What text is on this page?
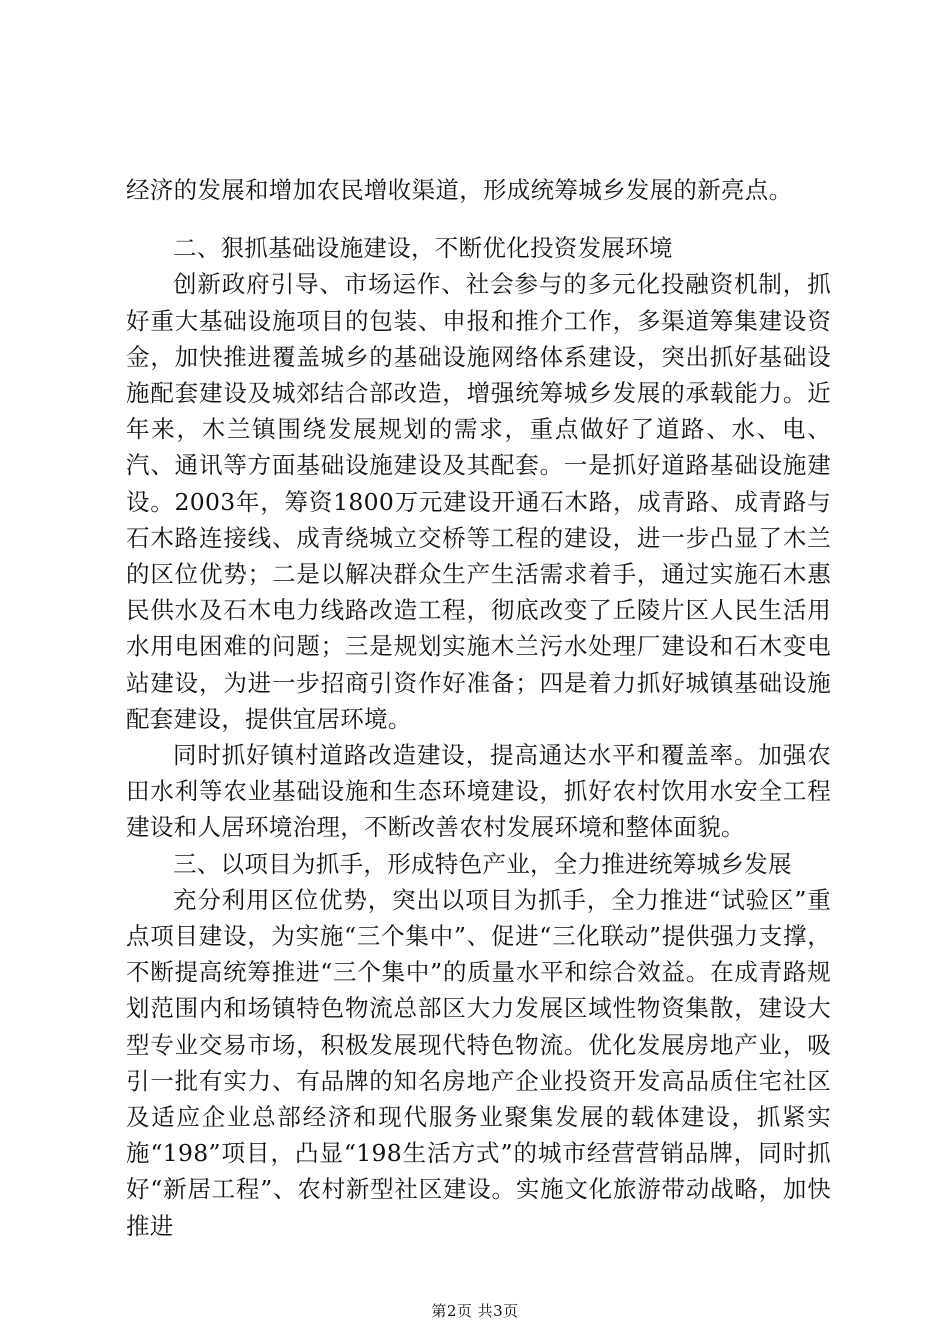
经济的发展和增加农民增收渠道，形成统筹城乡发展的新亮点。

二、狠抓基础设施建设，不断优化投资发展环境

创新政府引导、市场运作、社会参与的多元化投融资机制，抓好重大基础设施项目的包装、申报和推介工作，多渠道筹集建设资金，加快推进覆盖城乡的基础设施网络体系建设，突出抓好基础设施配套建设及城郊结合部改造，增强统筹城乡发展的承载能力。近年来，木兰镇围绕发展规划的需求，重点做好了道路、水、电、汽、通讯等方面基础设施建设及其配套。一是抓好道路基础设施建设。2003年，筹资1800万元建设开通石木路，成青路、成青路与石木路连接线、成青绕城立交桥等工程的建设，进一步凸显了木兰的区位优势；二是以解决群众生产生活需求着手，通过实施石木惠民供水及石木电力线路改造工程，彻底改变了丘陵片区人民生活用水用电困难的问题；三是规划实施木兰污水处理厂建设和石木变电站建设，为进一步招商引资作好准备；四是着力抓好城镇基础设施配套建设，提供宜居环境。

同时抓好镇村道路改造建设，提高通达水平和覆盖率。加强农田水利等农业基础设施和生态环境建设，抓好农村饮用水安全工程建设和人居环境治理，不断改善农村发展环境和整体面貌。

三、以项目为抓手，形成特色产业，全力推进统筹城乡发展

充分利用区位优势，突出以项目为抓手，全力推进“试验区”重点项目建设，为实施“三个集中”、促进“三化联动”提供强力支撑，不断提高统筹推进“三个集中”的质量水平和综合效益。在成青路规划范围内和场镇特色物流总部区大力发展区域性物资集散，建设大型专业交易市场，积极发展现代特色物流。优化发展房地产业，吸引一批有实力、有品牌的知名房地产企业投资开发高品质住宅社区及适应企业总部经济和现代服务业聚集发展的载体建设，抓紧实施“198”项目，凸显“198生活方式”的城市经营营销品牌，同时抓好“新居工程”、农村新型社区建设。实施文化旅游带动战略，加快推进

第2页 共3页
